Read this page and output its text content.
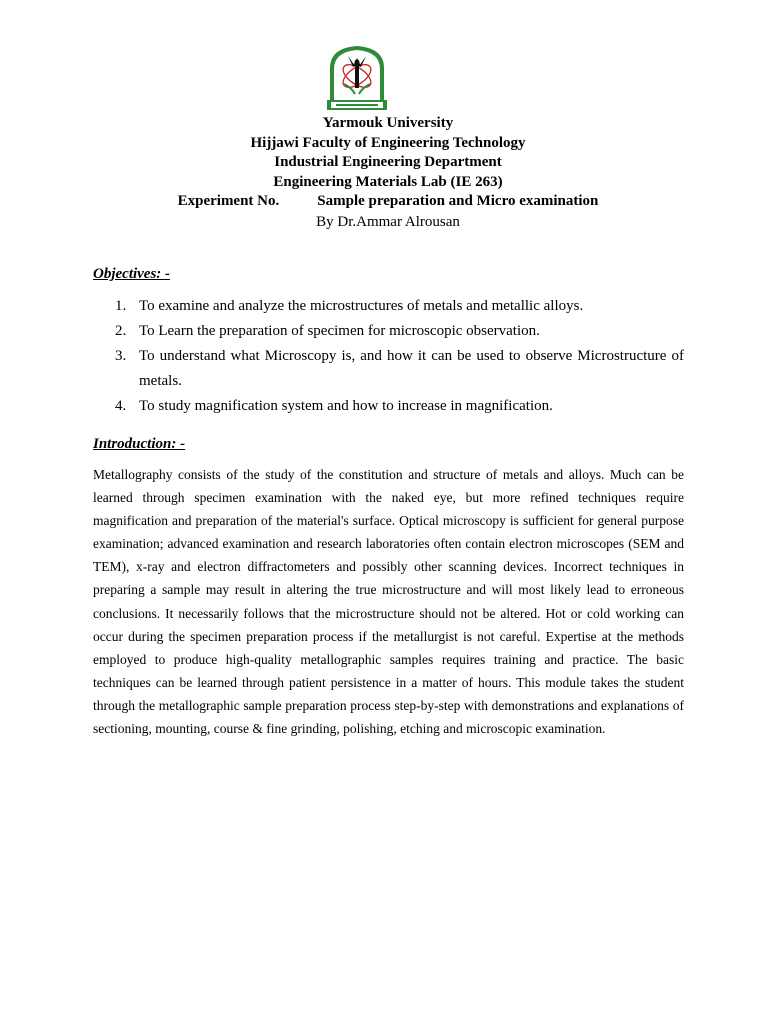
Yarmouk University
Hijjawi Faculty of Engineering Technology
Industrial Engineering Department
Engineering Materials Lab (IE 263)
Experiment No.	Sample preparation and Micro examination
By Dr.Ammar Alrousan
Objectives: -
1. To examine and analyze the microstructures of metals and metallic alloys.
2. To Learn the preparation of specimen for microscopic observation.
3. To understand what Microscopy is, and how it can be used to observe Microstructure of metals.
4. To study magnification system and how to increase in magnification.
Introduction: -

Metallography consists of the study of the constitution and structure of metals and alloys. Much can be learned through specimen examination with the naked eye, but more refined techniques require magnification and preparation of the material's surface. Optical microscopy is sufficient for general purpose examination; advanced examination and research laboratories often contain electron microscopes (SEM and TEM), x-ray and electron diffractometers and possibly other scanning devices. Incorrect techniques in preparing a sample may result in altering the true microstructure and will most likely lead to erroneous conclusions. It necessarily follows that the microstructure should not be altered. Hot or cold working can occur during the specimen preparation process if the metallurgist is not careful. Expertise at the methods employed to produce high-quality metallographic samples requires training and practice. The basic techniques can be learned through patient persistence in a matter of hours. This module takes the student through the metallographic sample preparation process step-by-step with demonstrations and explanations of sectioning, mounting, course & fine grinding, polishing, etching and microscopic examination.
